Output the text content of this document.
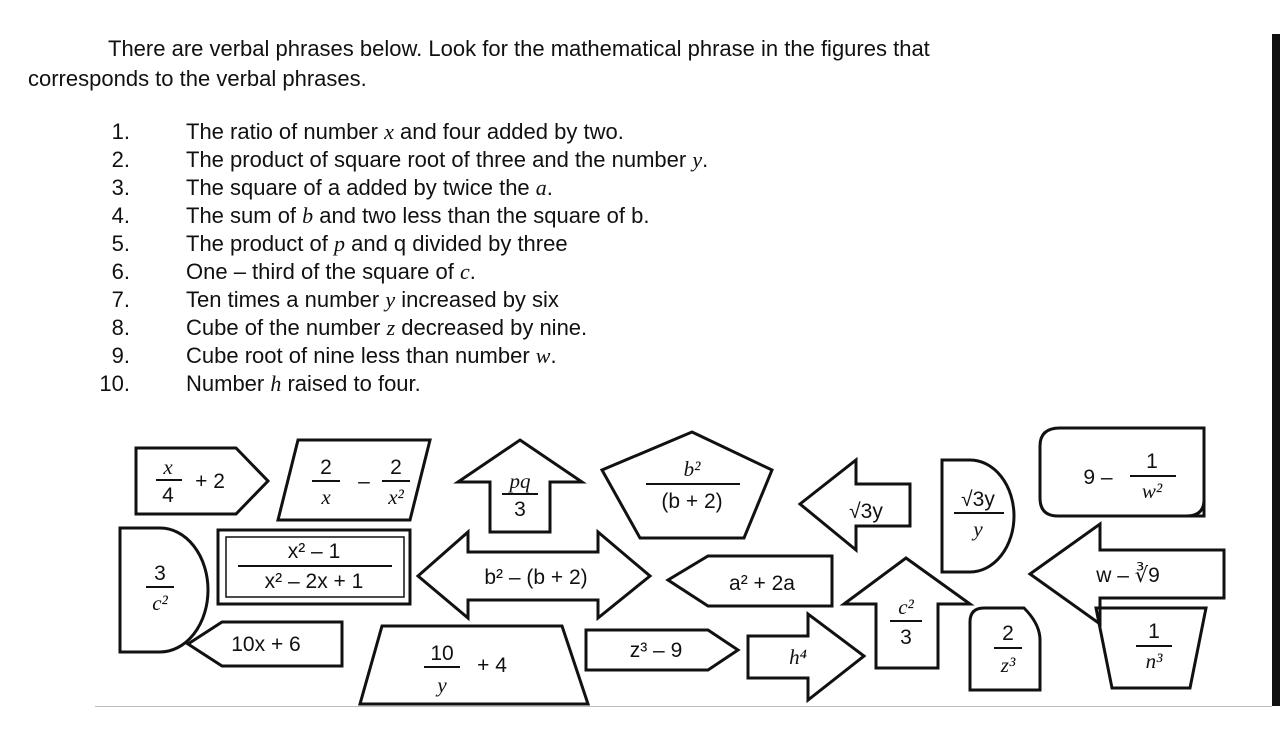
There are verbal phrases below. Look for the mathematical phrase in the figures that
corresponds to the verbal phrases.
1.	The ratio of number x and four added by two.
2.	The product of square root of three and the number y.
3.	The square of a added by twice the a.
4.	The sum of b and two less than the square of b.
5.	The product of p and q divided by three
6.	One – third of the square of c.
7.	Ten times a number y increased by six
8.	Cube of the number z decreased by nine.
9.	Cube root of nine less than number w.
10.	Number h raised to four.
x
4
+ 2
2
x
–
2
x²
pq
3
b²
(b + 2)	√3y
√3y
y
9 –
1
w²
3
c²
x² – 1
x² – 2x + 1	b² – (b + 2)	a² + 2a
c²
3
w – ∛9
10x + 6	10
y
+ 4
z³ – 9	h⁴
2
z³
1
n³
